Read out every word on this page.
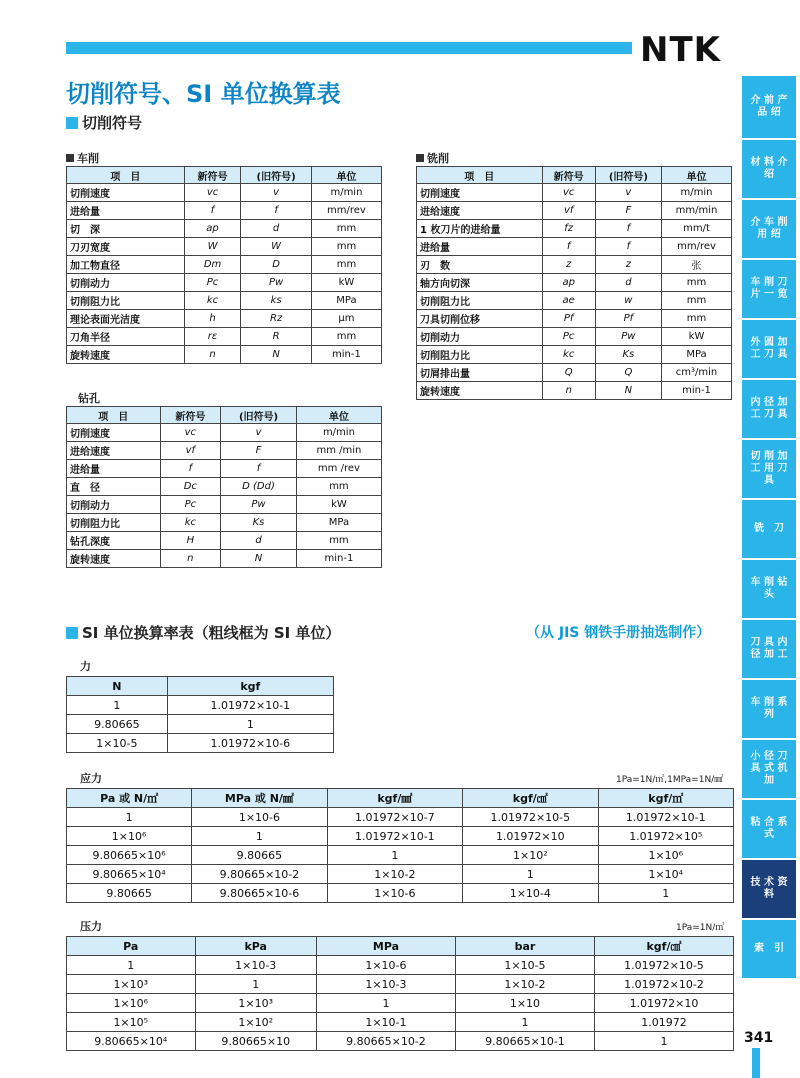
NTK
切削符号、SI 单位换算表
切削符号
车削
项　目	新符号	(旧符号)	单位
切削速度	vc	v	m/min
进给量	f	f	mm/rev
切　深	ap	d	mm
刀刃宽度	W	W	mm
加工物直径	Dm	D	mm
切削动力	Pc	Pw	kW
切削阻力比	kc	ks	MPa
理论表面光洁度	h	Rz	μm
刀角半径	rε	R	mm
旋转速度	n	N	min-1
铣削
项　目	新符号	(旧符号)	单位
切削速度	vc	v	m/min
进给速度	vf	F	mm/min
1 枚刀片的进给量	fz	f	mm/t
进给量	f	f	mm/rev
刃　数	z	z	张
轴方向切深	ap	d	mm
切削阻力比	ae	w	mm
刀具切削位移	Pf	Pf	mm
切削动力	Pc	Pw	kW
切削阻力比	kc	Ks	MPa
切屑排出量	Q	Q	cm³/min
旋转速度	n	N	min-1
钻孔
项　目	新符号	(旧符号)	单位
切削速度	vc	v	m/min
进给速度	vf	F	mm /min
进给量	f	f	mm /rev
直　径	Dc	D (Dd)	mm
切削动力	Pc	Pw	kW
切削阻力比	kc	Ks	MPa
钻孔深度	H	d	mm
旋转速度	n	N	min-1
SI 单位换算率表（粗线框为 SI 单位）	（从 JIS 钢铁手册抽选制作）
力
N	kgf
1	1.01972×10-1
9.80665	1
1×10-5	1.01972×10-6
应力	1Pa=1N/㎡,1MPa=1N/㎟
Pa 或 N/㎡	MPa 或 N/㎟	kgf/㎟	kgf/㎠	kgf/㎡
1	1×10-6	1.01972×10-7	1.01972×10-5	1.01972×10-1
1×10⁶	1	1.01972×10-1	1.01972×10	1.01972×10⁵
9.80665×10⁶	9.80665	1	1×10²	1×10⁶
9.80665×10⁴	9.80665×10-2	1×10-2	1	1×10⁴
9.80665	9.80665×10-6	1×10-6	1×10-4	1
压力	1Pa=1N/㎡
Pa	kPa	MPa	bar	kgf/㎠
1	1×10-3	1×10-6	1×10-5	1.01972×10-5
1×10³	1	1×10-3	1×10-2	1.01972×10-2
1×10⁶	1×10³	1	1×10	1.01972×10
1×10⁵	1×10²	1×10-1	1	1.01972
9.80665×10⁴	9.80665×10	9.80665×10-2	9.80665×10-1	1
介 前 产 品 绍
材 料 介 绍
介 车 削 用 绍
车 削 刀 片 一 览
外 圆 加 工 刀 具
内 径 加 工 刀 具
切 削 加 工 用 刀 具
铣　刀
车 削 钻 头
刀 具 内 径 加 工
车 削 系 列
小 径 刀 具 式 机 加
粘 合 系 式
技 术 资 料
索　引
341
